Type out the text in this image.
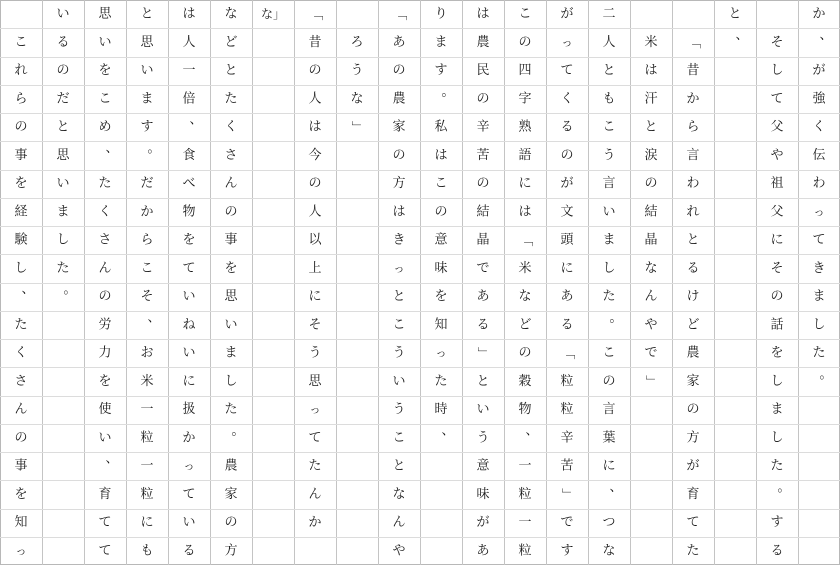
か
、
が
強
く
伝
わ
っ
て
き
ま
し
た
。
そ
し
て
父
や
祖
父
に
そ
の
話
を
し
ま
し
た
。
す
る
と
、
「
昔
か
ら
言
わ
れ
と
る
け
ど
農
家
の
方
が
育
て
た
米
は
汗
と
涙
の
結
晶
な
ん
や
で
」
二
人
と
も
こ
う
言
い
ま
し
た
。
こ
の
言
葉
に
、
つ
な
が
っ
て
く
る
の
が
文
頭
に
あ
る
「
粒
粒
辛
苦
」
で
す
こ
の
四
字
熟
語
に
は
「
米
な
ど
の
穀
物
、
一
粒
一
粒
は
農
民
の
辛
苦
の
結
晶
で
あ
る
」
と
い
う
意
味
が
あ
り
ま
す
。
私
は
こ
の
意
味
を
知
っ
た
時
、
「
あ
の
農
家
の
方
は
き
っ
と
こ
う
い
う
こ
と
な
ん
や
ろ
う
な
」
「
昔
の
人
は
今
の
人
以
上
に
そ
う
思
っ
て
た
ん
か
な」
な
ど
と
た
く
さ
ん
の
事
を
思
い
ま
し
た
。
農
家
の
方
は
人
一
倍
、
食
べ
物
を
て
い
ね
い
に
扱
か
っ
て
い
る
と
思
い
ま
す
。
だ
か
ら
こ
そ
、
お
米
一
粒
一
粒
に
も
思
い
を
こ
め
、
た
く
さ
ん
の
労
力
を
使
い
、
育
て
て
い
る
の
だ
と
思
い
ま
し
た
。
こ
れ
ら
の
事
を
経
験
し
、
た
く
さ
ん
の
事
を
知
っ
